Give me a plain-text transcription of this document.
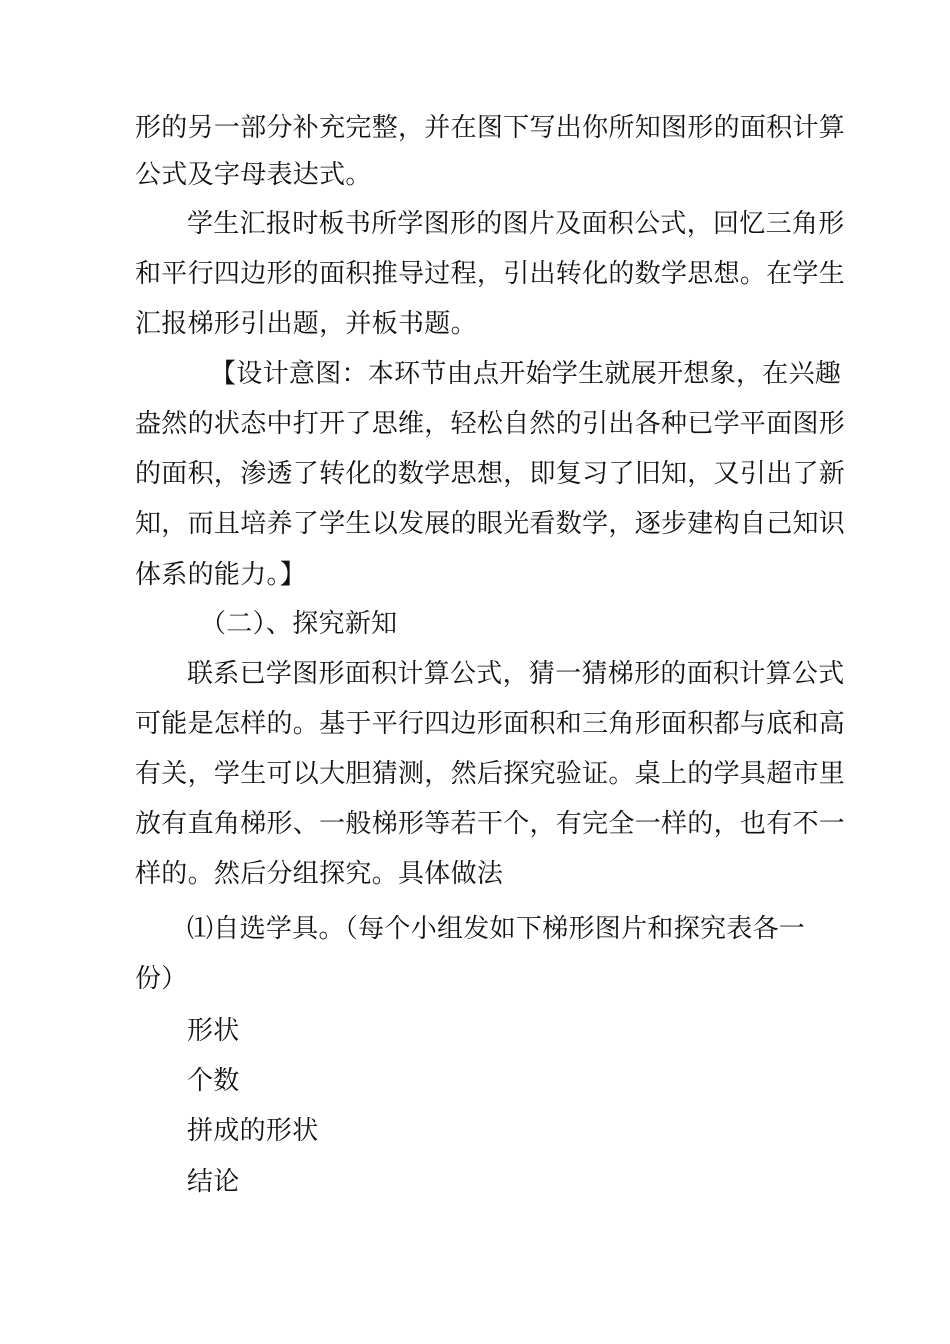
形的另一部分补充完整，并在图下写出你所知图形的面积计算
公式及字母表达式。
学生汇报时板书所学图形的图片及面积公式，回忆三角形
和平行四边形的面积推导过程，引出转化的数学思想。在学生
汇报梯形引出题，并板书题。
【设计意图：本环节由点开始学生就展开想象，在兴趣
盎然的状态中打开了思维，轻松自然的引出各种已学平面图形
的面积，渗透了转化的数学思想，即复习了旧知，又引出了新
知，而且培养了学生以发展的眼光看数学，逐步建构自己知识
体系的能力。】
（二）、探究新知
联系已学图形面积计算公式，猜一猜梯形的面积计算公式
可能是怎样的。基于平行四边形面积和三角形面积都与底和高
有关，学生可以大胆猜测，然后探究验证。桌上的学具超市里
放有直角梯形、一般梯形等若干个，有完全一样的，也有不一
样的。然后分组探究。具体做法
⑴自选学具。（每个小组发如下梯形图片和探究表各一
份）
形状
个数
拼成的形状
结论
